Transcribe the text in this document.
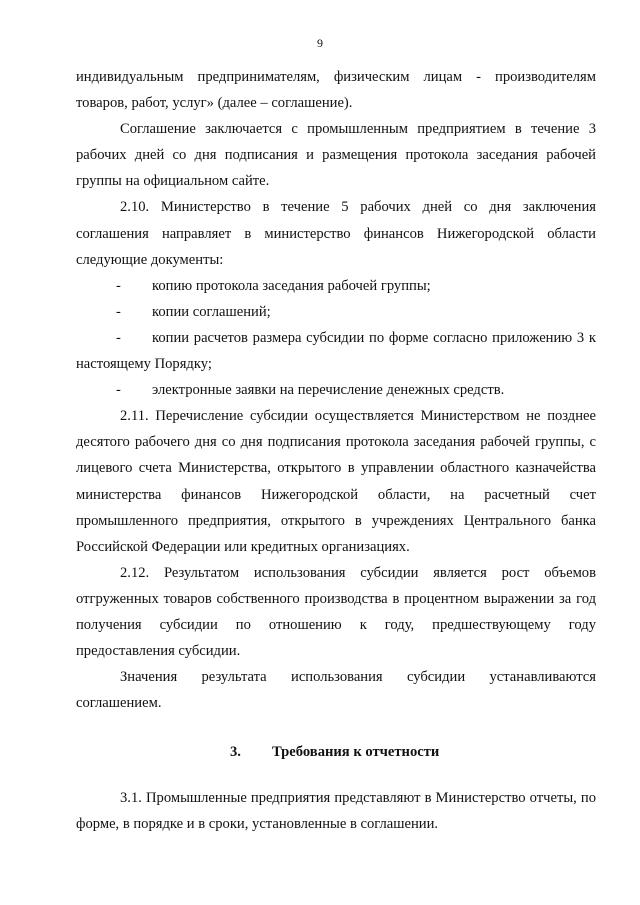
9

индивидуальным предпринимателям, физическим лицам - производителям товаров, работ, услуг» (далее – соглашение).

Соглашение заключается с промышленным предприятием в течение 3 рабочих дней со дня подписания и размещения протокола заседания рабочей группы на официальном сайте.

2.10. Министерство в течение 5 рабочих дней со дня заключения соглашения направляет в министерство финансов Нижегородской области следующие документы:

- копию протокола заседания рабочей группы;

- копии соглашений;

- копии расчетов размера субсидии по форме согласно приложению 3 к настоящему Порядку;

- электронные заявки на перечисление денежных средств.

2.11. Перечисление субсидии осуществляется Министерством не позднее десятого рабочего дня со дня подписания протокола заседания рабочей группы, с лицевого счета Министерства, открытого в управлении областного казначейства министерства финансов Нижегородской области, на расчетный счет промышленного предприятия, открытого в учреждениях Центрального банка Российской Федерации или кредитных организациях.

2.12. Результатом использования субсидии является рост объемов отгруженных товаров собственного производства в процентном выражении за год получения субсидии по отношению к году, предшествующему году предоставления субсидии.

Значения результата использования субсидии устанавливаются соглашением.

3. Требования к отчетности

3.1. Промышленные предприятия представляют в Министерство отчеты, по форме, в порядке и в сроки, установленные в соглашении.
